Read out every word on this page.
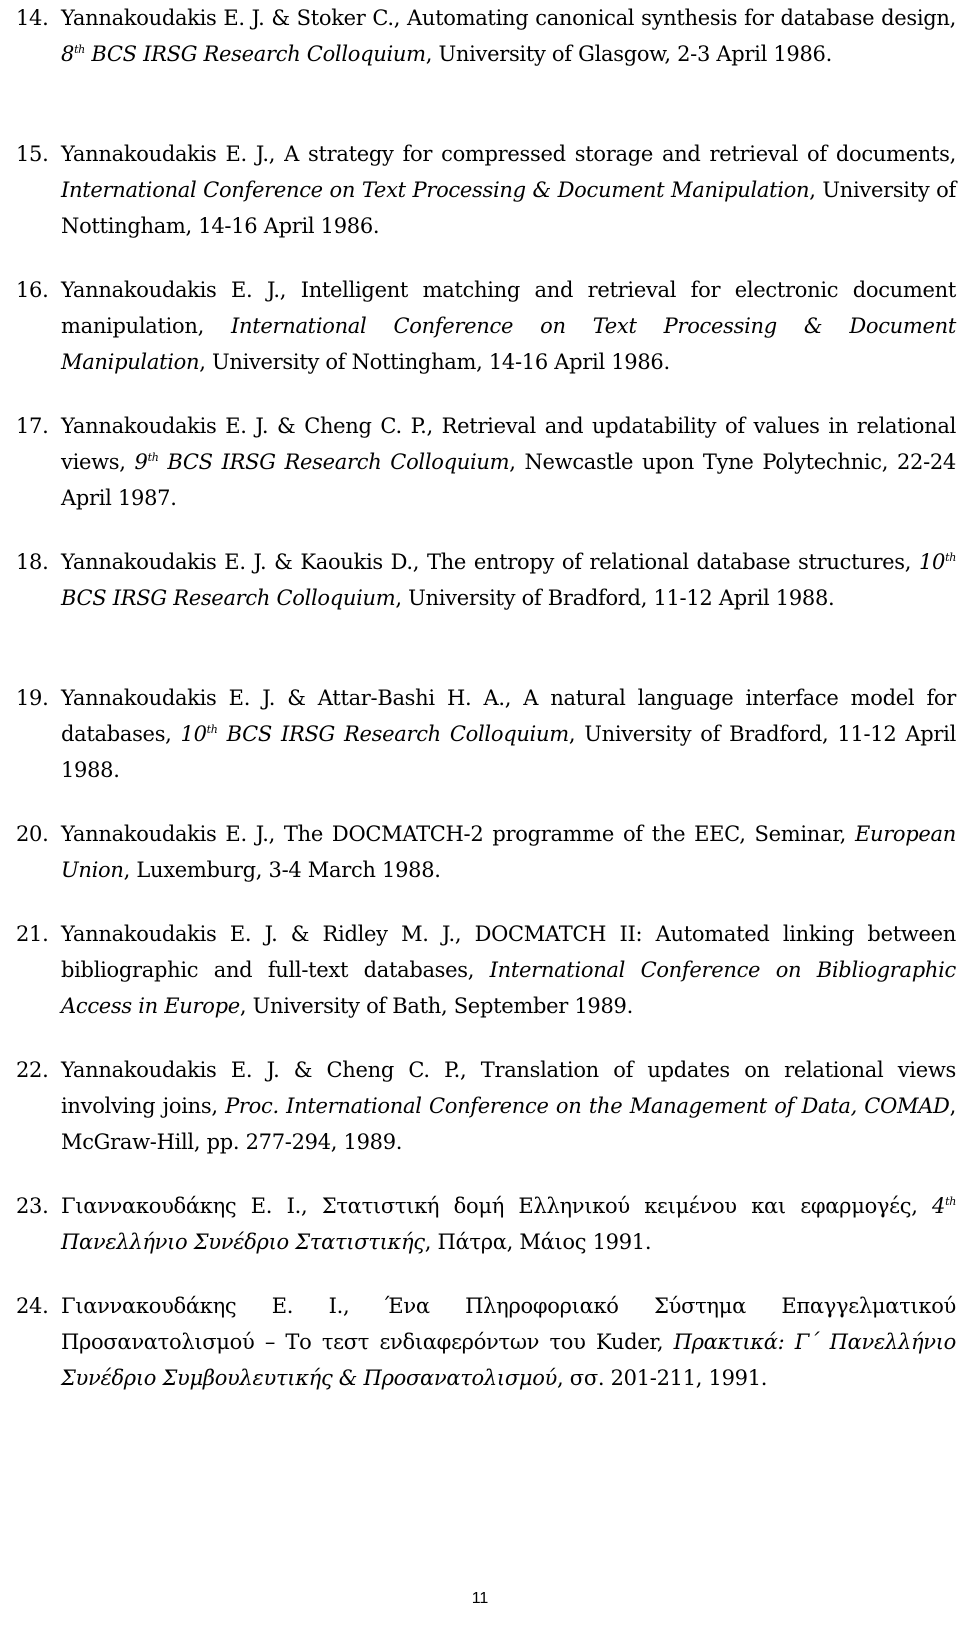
14. Yannakoudakis E. J. & Stoker C., Automating canonical synthesis for database design, 8th BCS IRSG Research Colloquium, University of Glasgow, 2-3 April 1986.
15. Yannakoudakis E. J., A strategy for compressed storage and retrieval of documents, International Conference on Text Processing & Document Manipulation, University of Nottingham, 14-16 April 1986.
16. Yannakoudakis E. J., Intelligent matching and retrieval for electronic document manipulation, International Conference on Text Processing & Document Manipulation, University of Nottingham, 14-16 April 1986.
17. Yannakoudakis E. J. & Cheng C. P., Retrieval and updatability of values in relational views, 9th BCS IRSG Research Colloquium, Newcastle upon Tyne Polytechnic, 22-24 April 1987.
18. Yannakoudakis E. J. & Kaoukis D., The entropy of relational database structures, 10th BCS IRSG Research Colloquium, University of Bradford, 11-12 April 1988.
19. Yannakoudakis E. J. & Attar-Bashi H. A., A natural language interface model for databases, 10th BCS IRSG Research Colloquium, University of Bradford, 11-12 April 1988.
20. Yannakoudakis E. J., The DOCMATCH-2 programme of the EEC, Seminar, European Union, Luxemburg, 3-4 March 1988.
21. Yannakoudakis E. J. & Ridley M. J., DOCMATCH II: Automated linking between bibliographic and full-text databases, International Conference on Bibliographic Access in Europe, University of Bath, September 1989.
22. Yannakoudakis E. J. & Cheng C. P., Translation of updates on relational views involving joins, Proc. International Conference on the Management of Data, COMAD, McGraw-Hill, pp. 277-294, 1989.
23. Γιαννακουδάκης Ε. Ι., Στατιστική δομή Ελληνικού κειμένου και εφαρμογές, 4th Πανελλήνιο Συνέδριο Στατιστικής, Πάτρα, Μάιος 1991.
24. Γιαννακουδάκης Ε. Ι., Ένα Πληροφοριακό Σύστημα Επαγγελματικού Προσανατολισμού – Το τεστ ενδιαφερόντων του Kuder, Πρακτικά: Γ΄ Πανελλήνιο Συνέδριο Συμβουλευτικής & Προσανατολισμού, σσ. 201-211, 1991.
11
